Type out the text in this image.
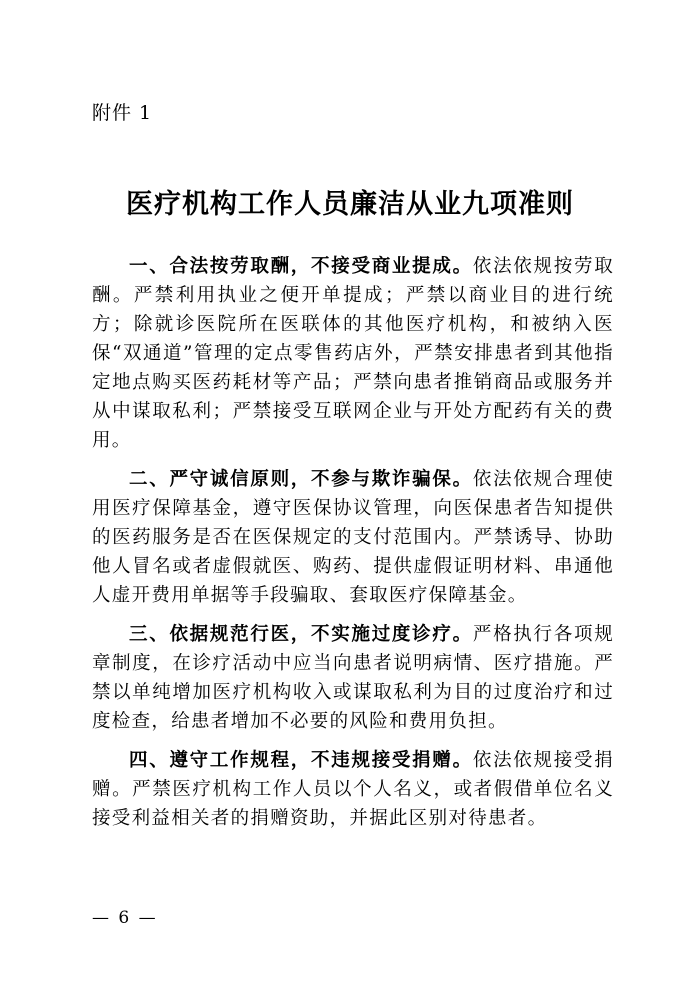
附件 1

医疗机构工作人员廉洁从业九项准则

一、合法按劳取酬，不接受商业提成。依法依规按劳取酬。严禁利用执业之便开单提成；严禁以商业目的进行统方；除就诊医院所在医联体的其他医疗机构，和被纳入医保“双通道”管理的定点零售药店外，严禁安排患者到其他指定地点购买医药耗材等产品；严禁向患者推销商品或服务并从中谋取私利；严禁接受互联网企业与开处方配药有关的费用。

二、严守诚信原则，不参与欺诈骗保。依法依规合理使用医疗保障基金，遵守医保协议管理，向医保患者告知提供的医药服务是否在医保规定的支付范围内。严禁诱导、协助他人冒名或者虚假就医、购药、提供虚假证明材料、串通他人虚开费用单据等手段骗取、套取医疗保障基金。

三、依据规范行医，不实施过度诊疗。严格执行各项规章制度，在诊疗活动中应当向患者说明病情、医疗措施。严禁以单纯增加医疗机构收入或谋取私利为目的过度治疗和过度检查，给患者增加不必要的风险和费用负担。

四、遵守工作规程，不违规接受捐赠。依法依规接受捐赠。严禁医疗机构工作人员以个人名义，或者假借单位名义接受利益相关者的捐赠资助，并据此区别对待患者。

— 6 —
